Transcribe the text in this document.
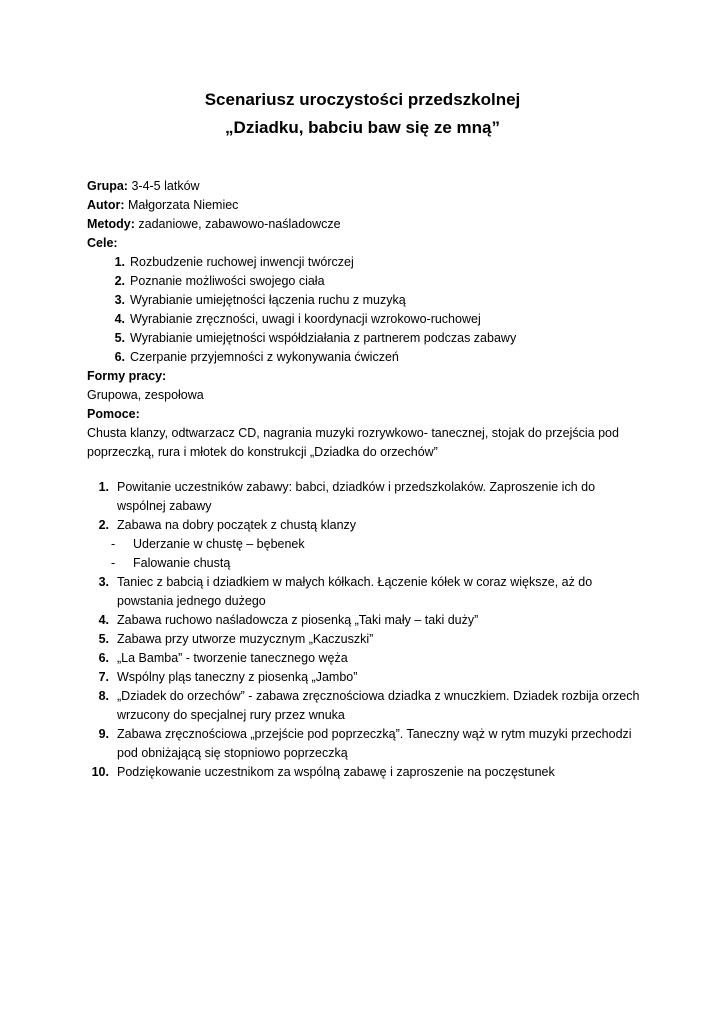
Scenariusz uroczystości przedszkolnej
„Dziadku, babciu baw się ze mną”
Grupa: 3-4-5 latków
Autor: Małgorzata Niemiec
Metody: zadaniowe, zabawowo-naśladowcze
Cele:
1. Rozbudzenie ruchowej inwencji twórczej
2. Poznanie możliwości swojego ciała
3. Wyrabianie umiejętności łączenia ruchu z muzyką
4. Wyrabianie zręczności, uwagi i koordynacji wzrokowo-ruchowej
5. Wyrabianie umiejętności współdziałania z partnerem podczas zabawy
6. Czerpanie przyjemności z wykonywania ćwiczeń
Formy pracy:
Grupowa, zespołowa
Pomoce:
Chusta klanzy, odtwarzacz CD, nagrania muzyki rozrywkowo- tanecznej, stojak do przejścia pod poprzeczką, rura i młotek do konstrukcji „Dziadka do orzechów”
1. Powitanie uczestników zabawy: babci, dziadków i przedszkolaków. Zaproszenie ich do wspólnej zabawy
2. Zabawa na dobry początek z chustą klanzy
- Uderzanie w chustę – bębenek
- Falowanie chustą
3. Taniec z babcią i dziadkiem w małych kółkach. Łączenie kółek w coraz większe, aż do powstania jednego dużego
4. Zabawa ruchowo naśladowcza z piosenką „Taki mały – taki duży”
5. Zabawa przy utworze muzycznym „Kaczuszki”
6. „La Bamba” - tworzenie tanecznego węża
7. Wspólny pląs taneczny z piosenką „Jambo”
8. „Dziadek do orzechów” - zabawa zręcznościowa dziadka z wnuczkiem. Dziadek rozbija orzech wrzucony do specjalnej rury przez wnuka
9. Zabawa zręcznościowa „przejście pod poprzeczką”. Taneczny wąż w rytm muzyki przechodzi pod obniżającą się stopniowo poprzeczką
10. Podziękowanie uczestnikom za wspólną zabawę i zaproszenie na poczęstunek
